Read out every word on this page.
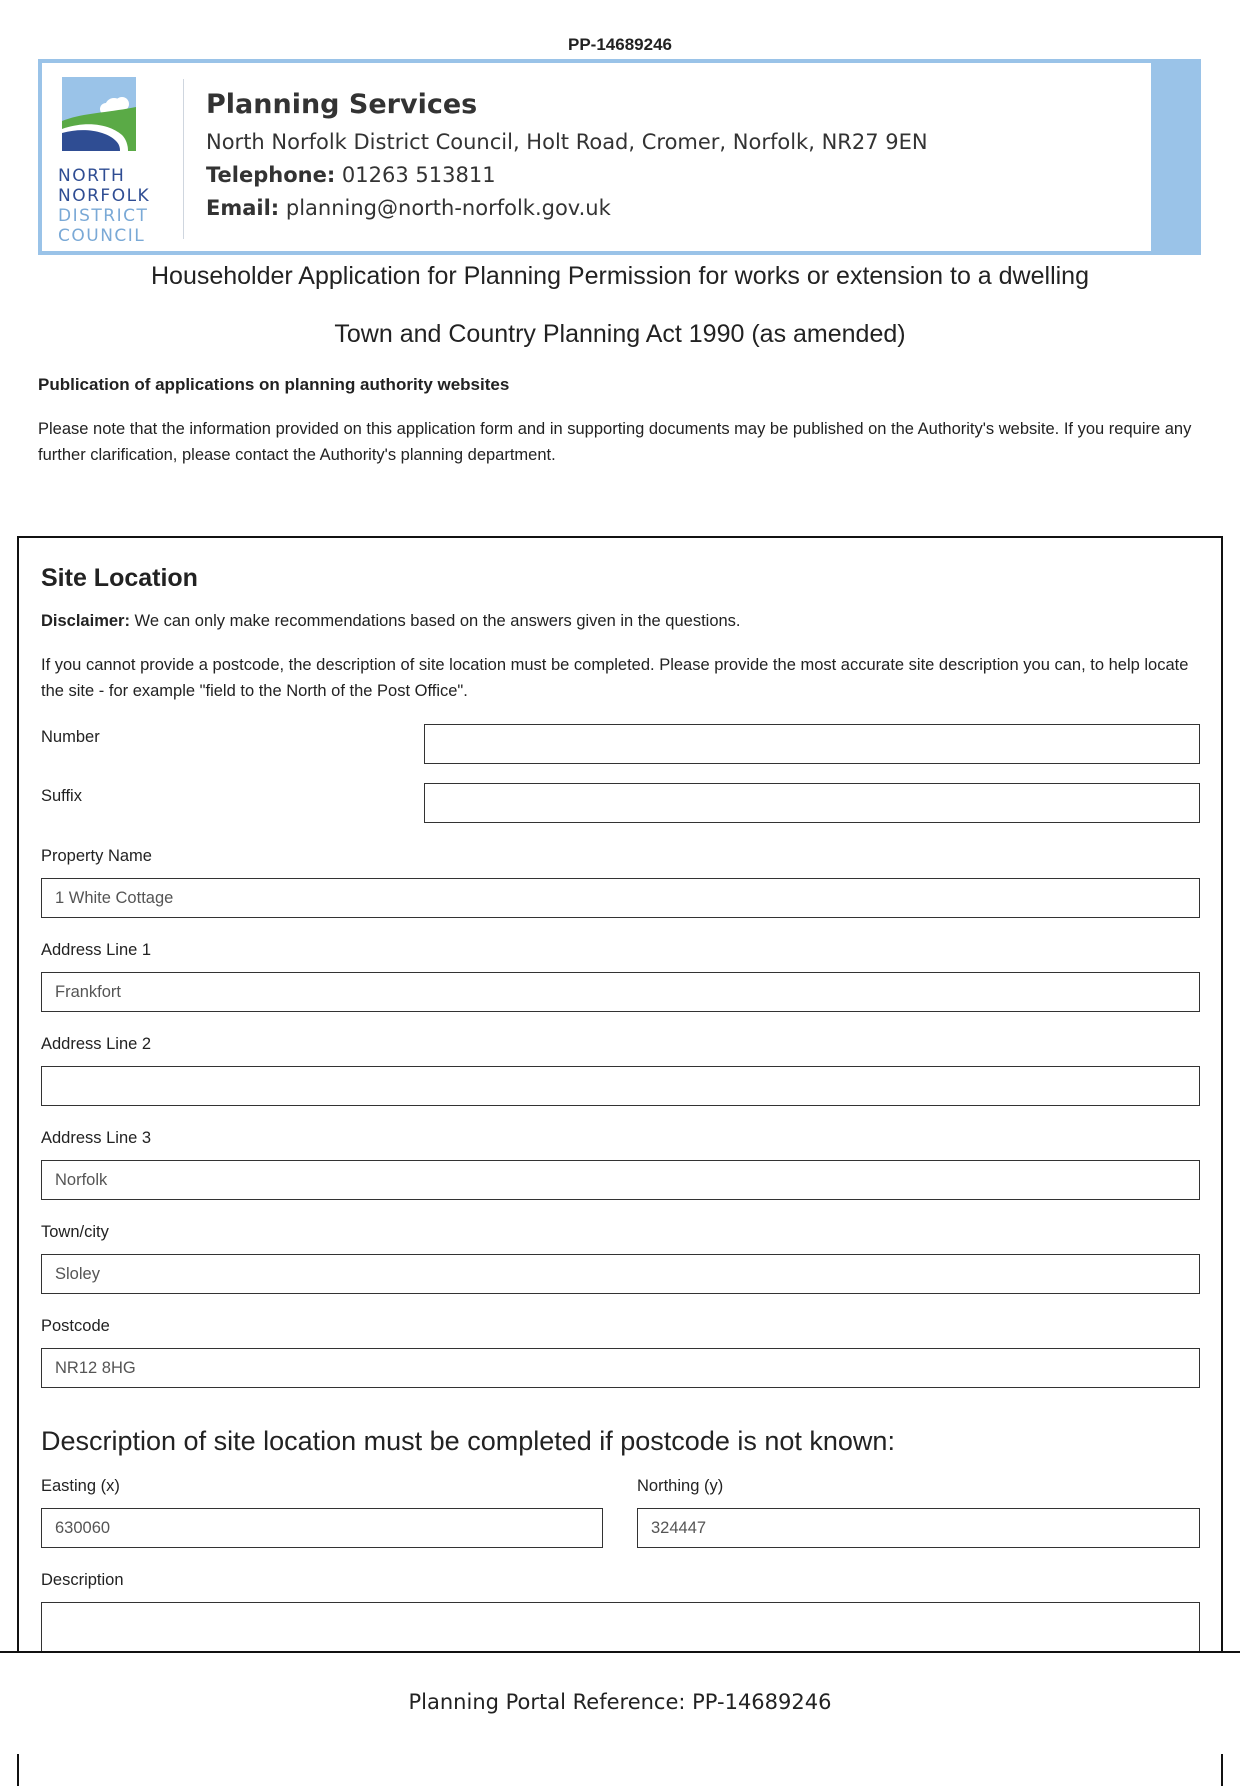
PP-14689246
NORTH
NORFOLK
DISTRICT
COUNCIL
Planning Services
North Norfolk District Council, Holt Road, Cromer, Norfolk, NR27 9EN
Telephone: 01263 513811
Email: planning@north-norfolk.gov.uk
Householder Application for Planning Permission for works or extension to a dwelling
Town and Country Planning Act 1990 (as amended)
Publication of applications on planning authority websites
Please note that the information provided on this application form and in supporting documents may be published on the Authority's website. If you require any further clarification, please contact the Authority's planning department.
Site Location
Disclaimer: We can only make recommendations based on the answers given in the questions.
If you cannot provide a postcode, the description of site location must be completed. Please provide the most accurate site description you can, to help locate the site - for example "field to the North of the Post Office".
Number
Suffix
Property Name
1 White Cottage
Address Line 1
Frankfort
Address Line 2
Address Line 3
Norfolk
Town/city
Sloley
Postcode
NR12 8HG
Description of site location must be completed if postcode is not known:
Easting (x)
630060
Northing (y)
324447
Description
Planning Portal Reference: PP-14689246
